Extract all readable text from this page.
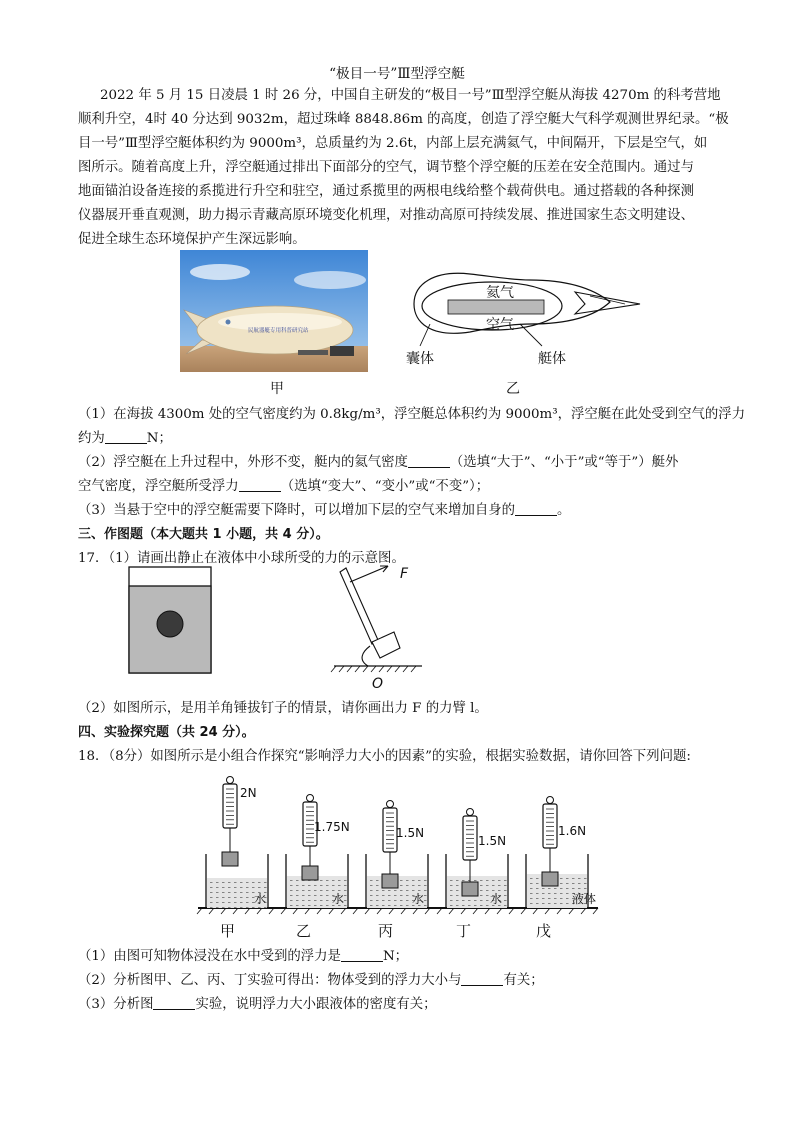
“极目一号”Ⅲ型浮空艇
2022 年 5 月 15 日凌晨 1 时 26 分，中国自主研发的“极目一号”Ⅲ型浮空艇从海拔 4270m 的科考营地
顺利升空，4时 40 分达到 9032m，超过珠峰 8848.86m 的高度，创造了浮空艇大气科学观测世界纪录。“极
目一号”Ⅲ型浮空艇体积约为 9000m³，总质量约为 2.6t，内部上层充满氦气，中间隔开，下层是空气，如
图所示。随着高度上升，浮空艇通过排出下面部分的空气，调节整个浮空艇的压差在安全范围内。通过与
地面锚泊设备连接的系揽进行升空和驻空，通过系揽里的两根电线给整个载荷供电。通过搭载的各种探测
仪器展开垂直观测，助力揭示青藏高原环境变化机理，对推动高原可持续发展、推进国家生态文明建设、
促进全球生态环境保护产生深远影响。
民航器艇专用科普研究站
甲
氦气
空气
囊体	艇体
乙
（1）在海拔 4300m 处的空气密度约为 0.8kg/m³，浮空艇总体积约为 9000m³，浮空艇在此处受到空气的浮力
约为	N；
（2）浮空艇在上升过程中，外形不变，艇内的氦气密度	（选填“大于”、“小于”或“等于”）艇外
空气密度，浮空艇所受浮力	（选填“变大”、“变小”或“不变”）；
（3）当悬于空中的浮空艇需要下降时，可以增加下层的空气来增加自身的	。
三、作图题（本大题共 1 小题，共 4 分）。
17．（1）请画出静止在液体中小球所受的力的示意图。
F
O
（2）如图所示，是用羊角锤拔钉子的情景，请你画出力 F 的力臂 l。
四、实验探究题（共 24 分）。
18．（8分）如图所示是小组合作探究“影响浮力大小的因素”的实验，根据实验数据，请你回答下列问题:
2N
1.75N	1.5N
1.5N
1.6N
水	水	水	水	液体
甲	乙	丙	丁	戊
（1）由图可知物体浸没在水中受到的浮力是	N；
（2）分析图甲、乙、丙、丁实验可得出：物体受到的浮力大小与	有关；
（3）分析图	实验，说明浮力大小跟液体的密度有关；
